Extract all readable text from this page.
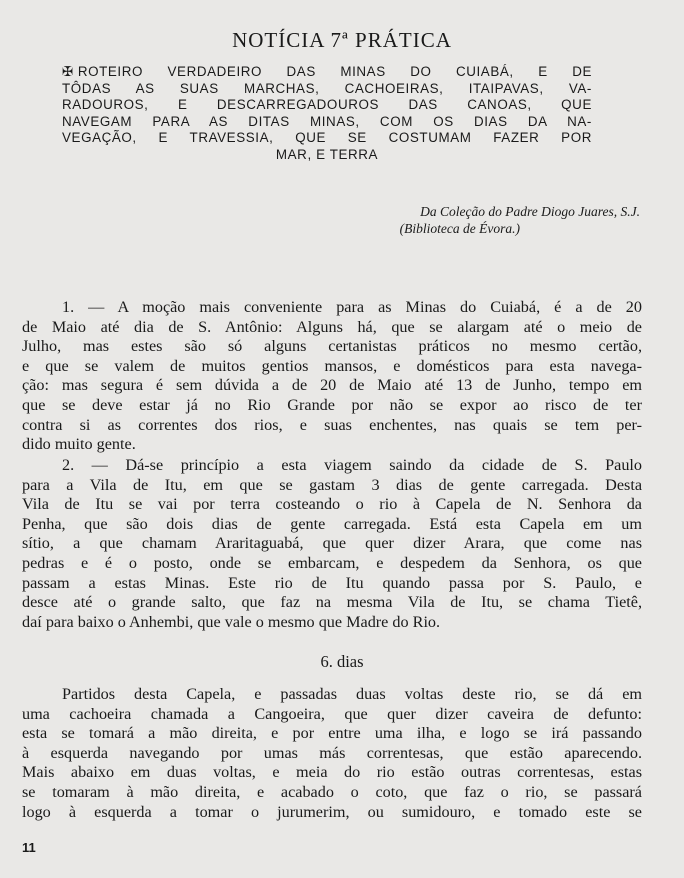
NOTÍCIA 7ª PRÁTICA
✠ ROTEIRO VERDADEIRO DAS MINAS DO CUIABÁ, E DE
TÔDAS AS SUAS MARCHAS, CACHOEIRAS, ITAIPAVAS, VA-
RADOUROS, E DESCARREGADOUROS DAS CANOAS, QUE
NAVEGAM PARA AS DITAS MINAS, COM OS DIAS DA NA-
VEGAÇÃO, E TRAVESSIA, QUE SE COSTUMAM FAZER POR
MAR, E TERRA
Da Coleção do Padre Diogo Juares, S.J.
(Biblioteca de Évora.)
1. — A moção mais conveniente para as Minas do Cuiabá, é a de 20
de Maio até dia de S. Antônio: Alguns há, que se alargam até o meio de
Julho, mas estes são só alguns certanistas práticos no mesmo certão,
e que se valem de muitos gentios mansos, e domésticos para esta navega-
ção: mas segura é sem dúvida a de 20 de Maio até 13 de Junho, tempo em
que se deve estar já no Rio Grande por não se expor ao risco de ter
contra si as correntes dos rios, e suas enchentes, nas quais se tem per-
dido muito gente.
2. — Dá-se princípio a esta viagem saindo da cidade de S. Paulo
para a Vila de Itu, em que se gastam 3 dias de gente carregada. Desta
Vila de Itu se vai por terra costeando o rio à Capela de N. Senhora da
Penha, que são dois dias de gente carregada. Está esta Capela em um
sítio, a que chamam Araritaguabá, que quer dizer Arara, que come nas
pedras e é o posto, onde se embarcam, e despedem da Senhora, os que
passam a estas Minas. Este rio de Itu quando passa por S. Paulo, e
desce até o grande salto, que faz na mesma Vila de Itu, se chama Tietê,
daí para baixo o Anhembi, que vale o mesmo que Madre do Rio.
6. dias
Partidos desta Capela, e passadas duas voltas deste rio, se dá em
uma cachoeira chamada a Cangoeira, que quer dizer caveira de defunto:
esta se tomará a mão direita, e por entre uma ilha, e logo se irá passando
à esquerda navegando por umas más correntesas, que estão aparecendo.
Mais abaixo em duas voltas, e meia do rio estão outras correntesas, estas
se tomaram à mão direita, e acabado o coto, que faz o rio, se passará
logo à esquerda a tomar o jurumerim, ou sumidouro, e tomado este se
11
